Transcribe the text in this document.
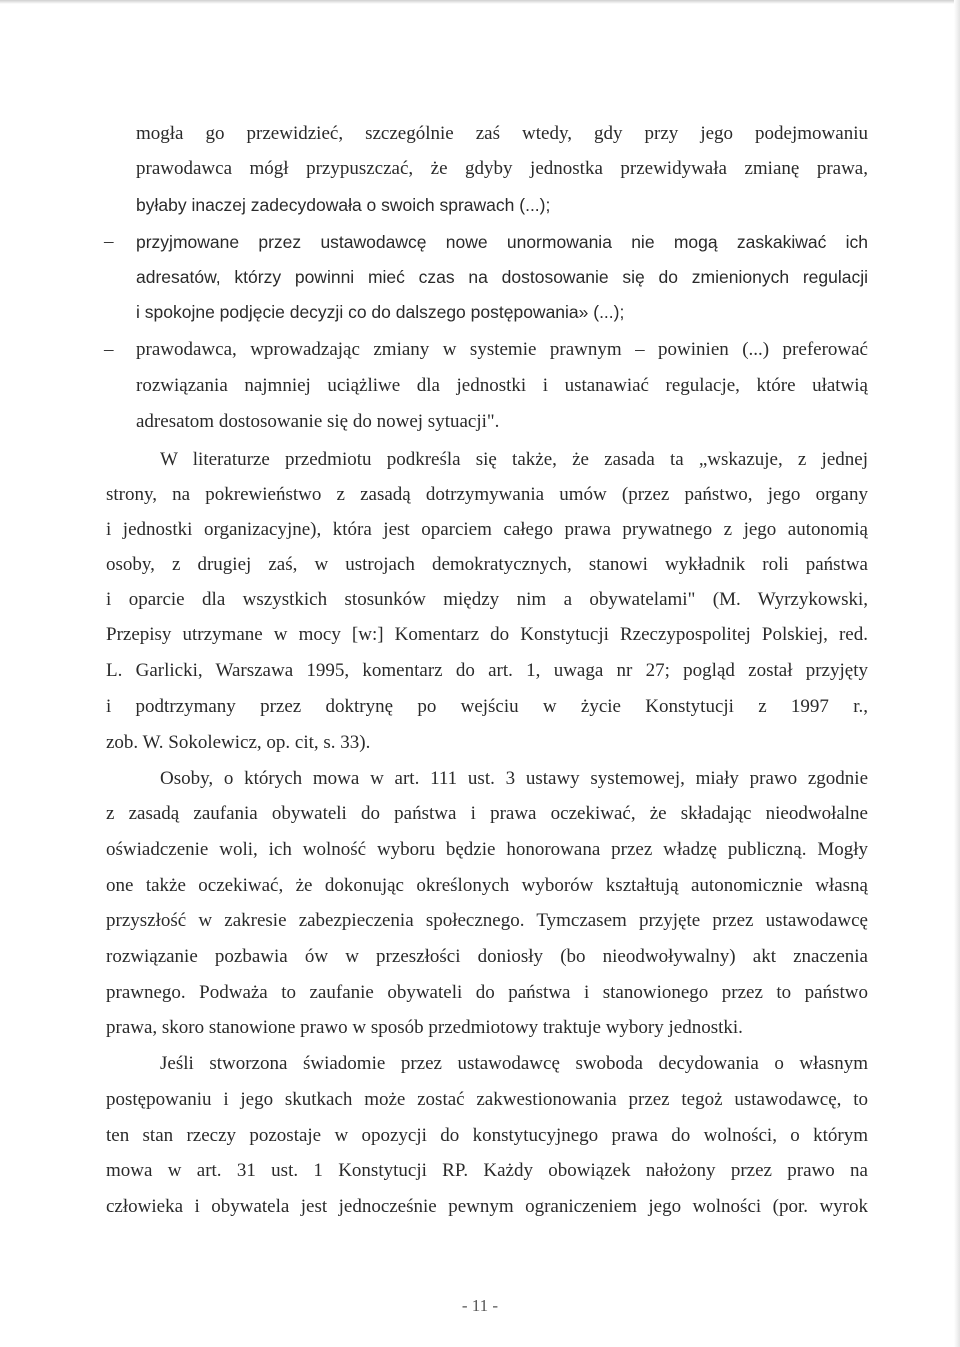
mogła go przewidzieć, szczególnie zaś wtedy, gdy przy jego podejmowaniu
prawodawca mógł przypuszczać, że gdyby jednostka przewidywała zmianę prawa,
byłaby inaczej zadecydowała o swoich sprawach (...);
– przyjmowane przez ustawodawcę nowe unormowania nie mogą zaskakiwać ich
adresatów, którzy powinni mieć czas na dostosowanie się do zmienionych regulacji
i spokojne podjęcie decyzji co do dalszego postępowania» (...);
– prawodawca, wprowadzając zmiany w systemie prawnym – powinien (...) preferować
rozwiązania najmniej uciążliwe dla jednostki i ustanawiać regulacje, które ułatwią
adresatom dostosowanie się do nowej sytuacji".
W literaturze przedmiotu podkreśla się także, że zasada ta „wskazuje, z jednej
strony, na pokrewieństwo z zasadą dotrzymywania umów (przez państwo, jego organy
i jednostki organizacyjne), która jest oparciem całego prawa prywatnego z jego autonomią
osoby, z drugiej zaś, w ustrojach demokratycznych, stanowi wykładnik roli państwa
i oparcie dla wszystkich stosunków między nim a obywatelami" (M. Wyrzykowski,
Przepisy utrzymane w mocy [w:] Komentarz do Konstytucji Rzeczypospolitej Polskiej, red.
L. Garlicki, Warszawa 1995, komentarz do art. 1, uwaga nr 27; pogląd został przyjęty
i podtrzymany przez doktrynę po wejściu w życie Konstytucji z 1997 r.,
zob. W. Sokolewicz, op. cit, s. 33).
Osoby, o których mowa w art. 111 ust. 3 ustawy systemowej, miały prawo zgodnie
z zasadą zaufania obywateli do państwa i prawa oczekiwać, że składając nieodwołalne
oświadczenie woli, ich wolność wyboru będzie honorowana przez władzę publiczną. Mogły
one także oczekiwać, że dokonując określonych wyborów kształtują autonomicznie własną
przyszłość w zakresie zabezpieczenia społecznego. Tymczasem przyjęte przez ustawodawcę
rozwiązanie pozbawia ów w przeszłości doniosły (bo nieodwoływalny) akt znaczenia
prawnego. Podważa to zaufanie obywateli do państwa i stanowionego przez to państwo
prawa, skoro stanowione prawo w sposób przedmiotowy traktuje wybory jednostki.
Jeśli stworzona świadomie przez ustawodawcę swoboda decydowania o własnym
postępowaniu i jego skutkach może zostać zakwestionowania przez tegoż ustawodawcę, to
ten stan rzeczy pozostaje w opozycji do konstytucyjnego prawa do wolności, o którym
mowa w art. 31 ust. 1 Konstytucji RP. Każdy obowiązek nałożony przez prawo na
człowieka i obywatela jest jednocześnie pewnym ograniczeniem jego wolności (por. wyrok
- 11 -
